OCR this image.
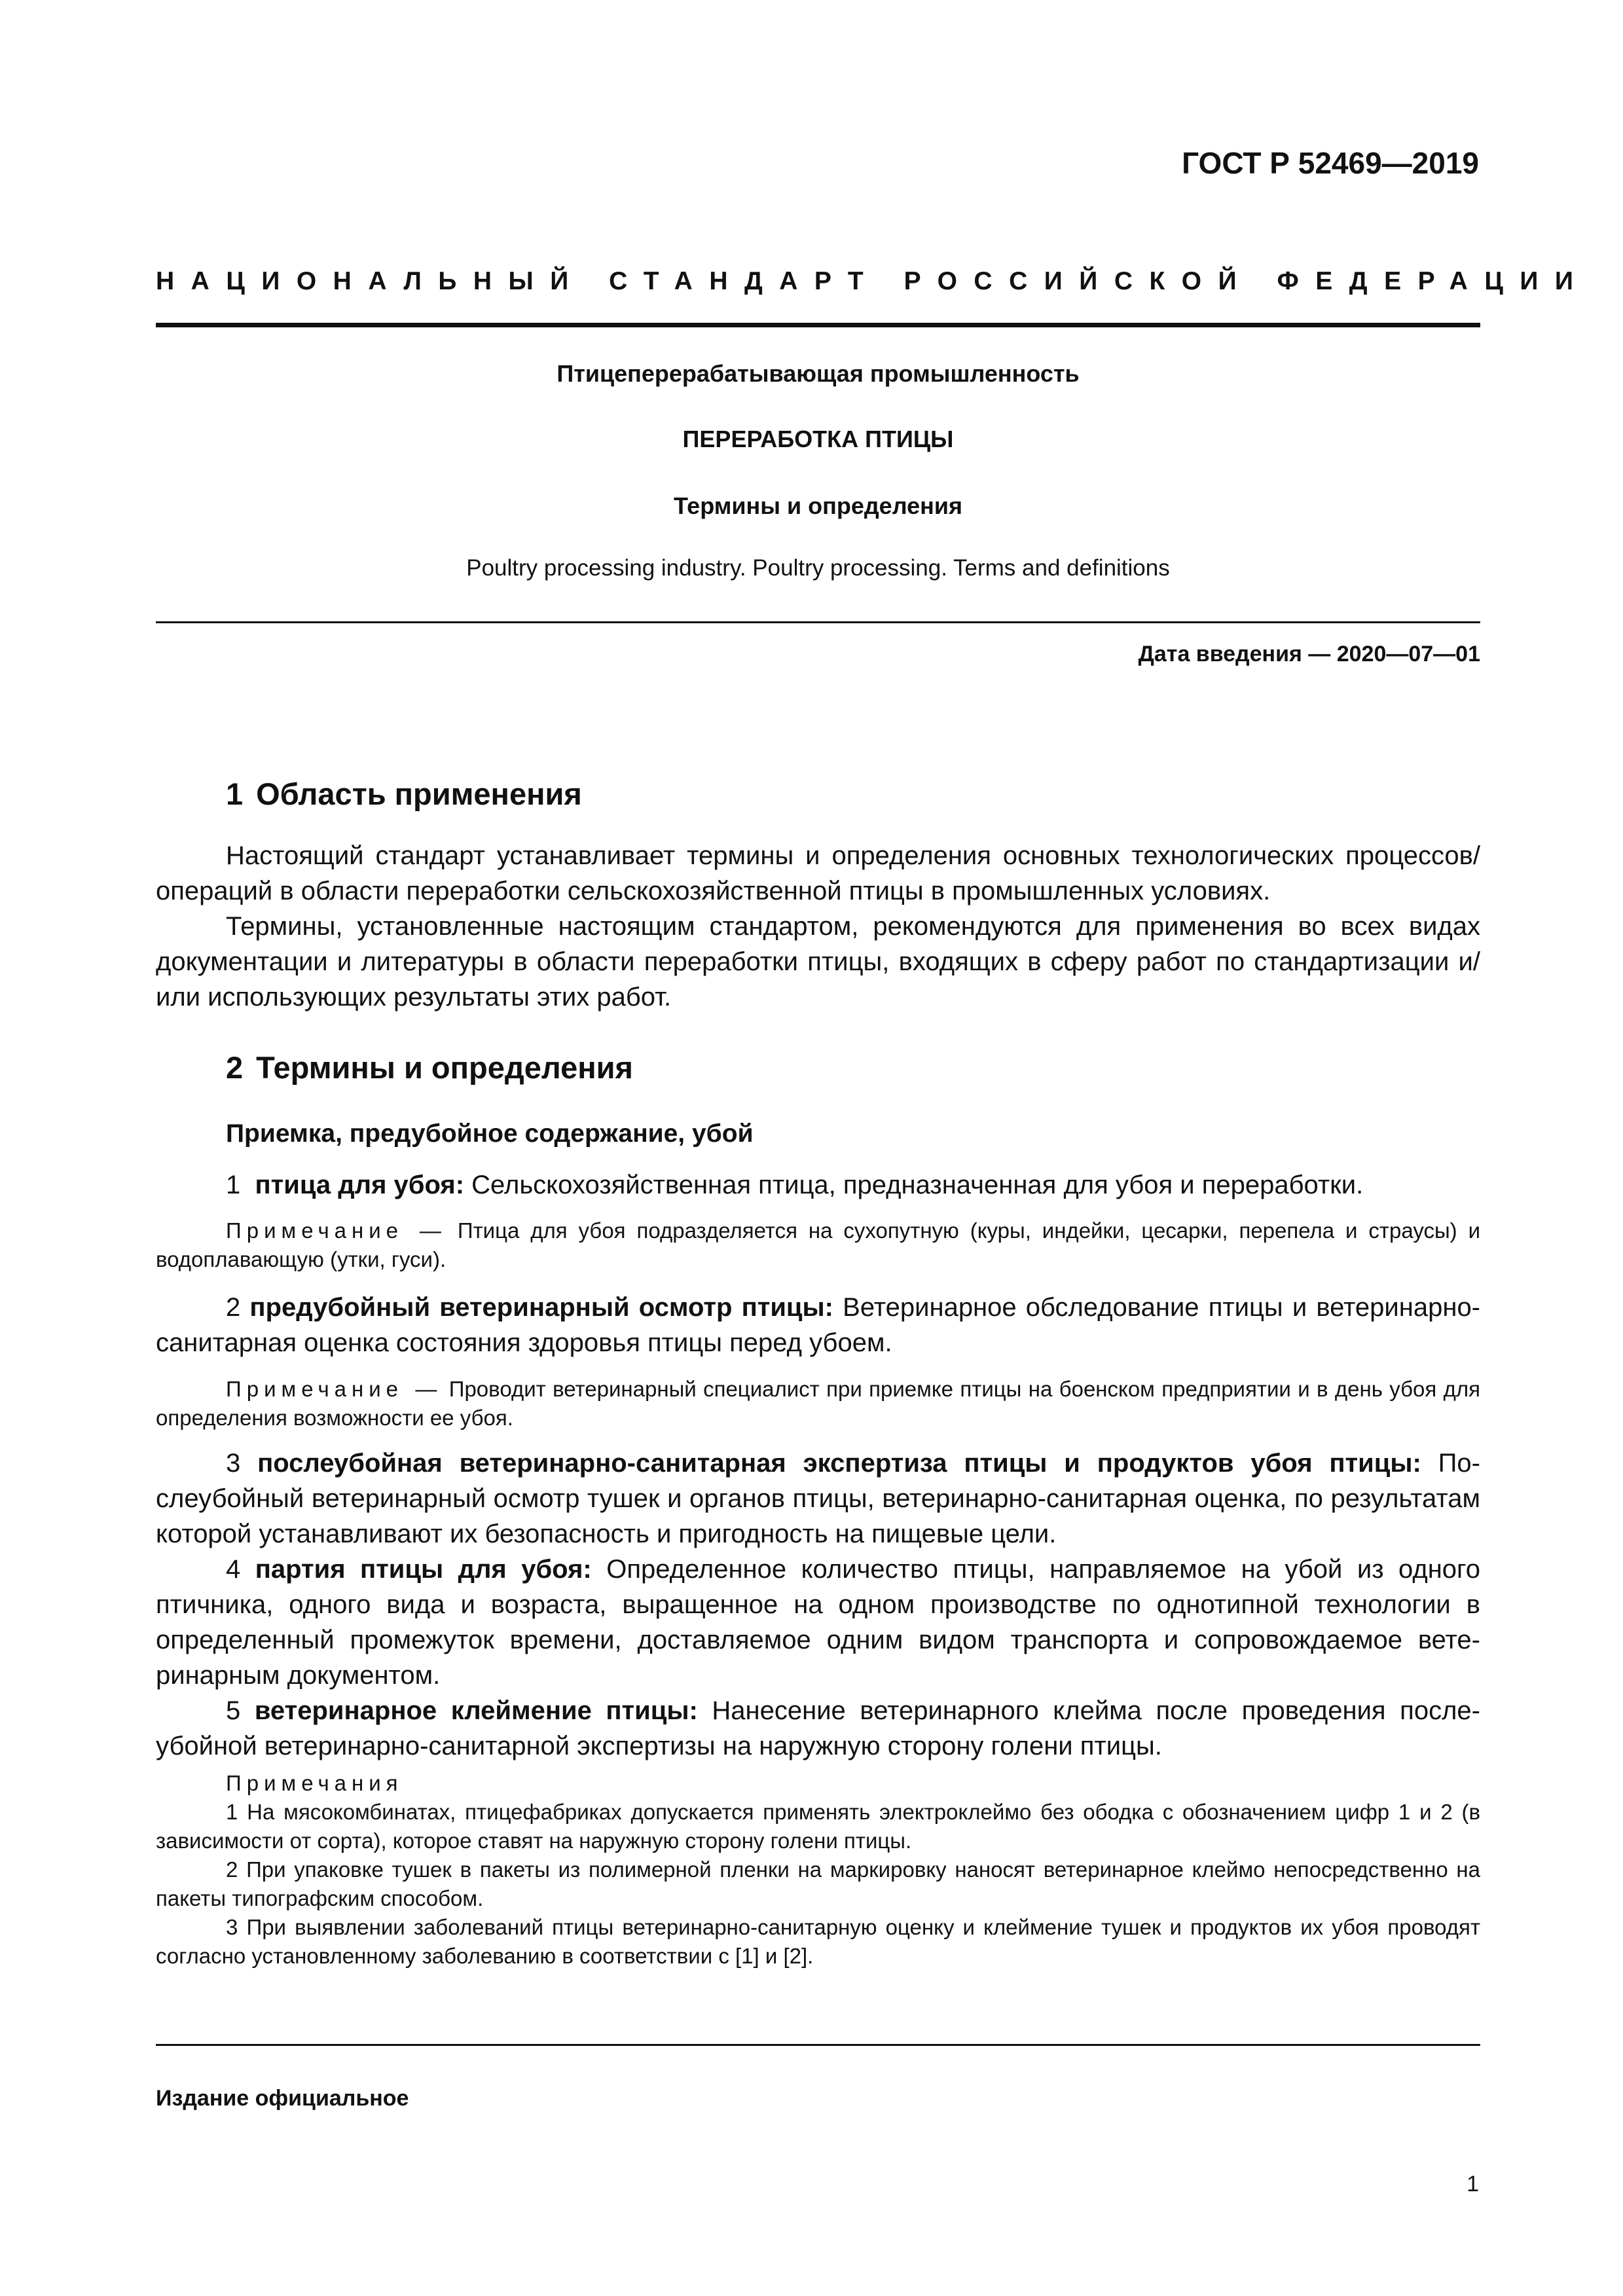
ГОСТ Р 52469—2019

НАЦИОНАЛЬНЫЙ СТАНДАРТ РОССИЙСКОЙ ФЕДЕРАЦИИ

Птицеперерабатывающая промышленность

ПЕРЕРАБОТКА ПТИЦЫ

Термины и определения

Poultry processing industry. Poultry processing. Terms and definitions

Дата введения — 2020—07—01

1 Область применения

Настоящий стандарт устанавливает термины и определения основных технологических процессов/операций в области переработки сельскохозяйственной птицы в промышленных условиях.

Термины, установленные настоящим стандартом, рекомендуются для применения во всех видах документации и литературы в области переработки птицы, входящих в сферу работ по стандартизации и/или использующих результаты этих работ.

2 Термины и определения

Приемка, предубойное содержание, убой

1 птица для убоя: Сельскохозяйственная птица, предназначенная для убоя и переработки.

Примечание — Птица для убоя подразделяется на сухопутную (куры, индейки, цесарки, перепела и страусы) и водоплавающую (утки, гуси).

2 предубойный ветеринарный осмотр птицы: Ветеринарное обследование птицы и ветеринарно-санитарная оценка состояния здоровья птицы перед убоем.

Примечание — Проводит ветеринарный специалист при приемке птицы на боенском предприятии и в день убоя для определения возможности ее убоя.

3 послеубойная ветеринарно-санитарная экспертиза птицы и продуктов убоя птицы: Послеубойный ветеринарный осмотр тушек и органов птицы, ветеринарно-санитарная оценка, по результатам которой устанавливают их безопасность и пригодность на пищевые цели.

4 партия птицы для убоя: Определенное количество птицы, направляемое на убой из одного птичника, одного вида и возраста, выращенное на одном производстве по однотипной технологии в определенный промежуток времени, доставляемое одним видом транспорта и сопровождаемое ветеринарным документом.

5 ветеринарное клеймение птицы: Нанесение ветеринарного клейма после проведения послеубойной ветеринарно-санитарной экспертизы на наружную сторону голени птицы.

Примечания

1 На мясокомбинатах, птицефабриках допускается применять электроклеймо без ободка с обозначением цифр 1 и 2 (в зависимости от сорта), которое ставят на наружную сторону голени птицы.

2 При упаковке тушек в пакеты из полимерной пленки на маркировку наносят ветеринарное клеймо непосредственно на пакеты типографским способом.

3 При выявлении заболеваний птицы ветеринарно-санитарную оценку и клеймение тушек и продуктов их убоя проводят согласно установленному заболеванию в соответствии с [1] и [2].

Издание официальное

1
